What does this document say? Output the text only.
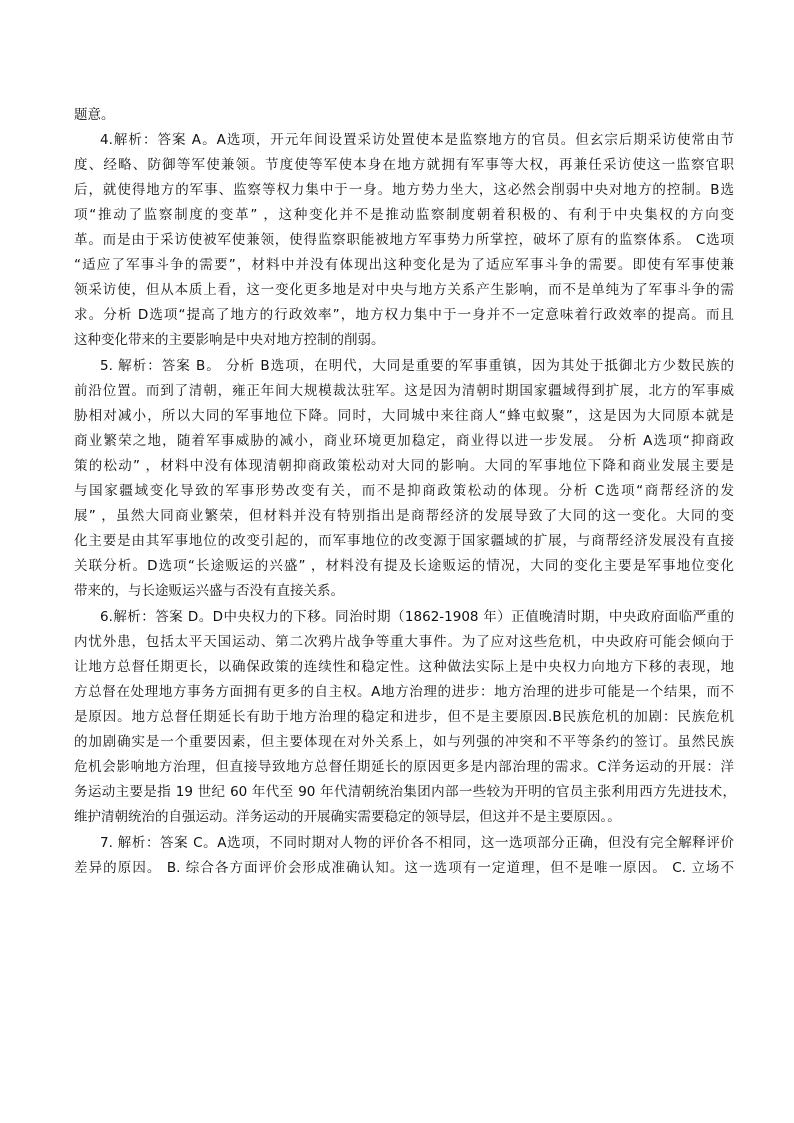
题意。
4.解析：答案 A。A选项，开元年间设置采访处置使本是监察地方的官员。但玄宗后期采访使常由节
度、经略、防御等军使兼领。节度使等军使本身在地方就拥有军事等大权，再兼任采访使这一监察官职
后，就使得地方的军事、监察等权力集中于一身。地方势力坐大，这必然会削弱中央对地方的控制。B选
项“推动了监察制度的变革” ，这种变化并不是推动监察制度朝着积极的、有利于中央集权的方向变
革。而是由于采访使被军使兼领，使得监察职能被地方军事势力所掌控，破坏了原有的监察体系。 C选项
“适应了军事斗争的需要”，材料中并没有体现出这种变化是为了适应军事斗争的需要。即使有军事使兼
领采访使，但从本质上看，这一变化更多地是对中央与地方关系产生影响，而不是单纯为了军事斗争的需
求。分析 D选项“提高了地方的行政效率”，地方权力集中于一身并不一定意味着行政效率的提高。而且
这种变化带来的主要影响是中央对地方控制的削弱。
5. 解析：答案 B。 分析 B选项，在明代，大同是重要的军事重镇，因为其处于抵御北方少数民族的
前沿位置。而到了清朝，雍正年间大规模裁汰驻军。这是因为清朝时期国家疆域得到扩展，北方的军事威
胁相对减小，所以大同的军事地位下降。同时，大同城中来往商人“蜂屯蚁聚”，这是因为大同原本就是
商业繁荣之地，随着军事威胁的减小，商业环境更加稳定，商业得以进一步发展。 分析 A选项“抑商政
策的松动” ，材料中没有体现清朝抑商政策松动对大同的影响。大同的军事地位下降和商业发展主要是
与国家疆域变化导致的军事形势改变有关，而不是抑商政策松动的体现。分析 C选项“商帮经济的发
展” ，虽然大同商业繁荣，但材料并没有特别指出是商帮经济的发展导致了大同的这一变化。大同的变
化主要是由其军事地位的改变引起的，而军事地位的改变源于国家疆域的扩展，与商帮经济发展没有直接
关联分析。D选项“长途贩运的兴盛” ，材料没有提及长途贩运的情况，大同的变化主要是军事地位变化
带来的，与长途贩运兴盛与否没有直接关系。
6.解析：答案 D。D中央权力的下移。同治时期（1862-1908 年）正值晚清时期，中央政府面临严重的
内忧外患，包括太平天国运动、第二次鸦片战争等重大事件。为了应对这些危机，中央政府可能会倾向于
让地方总督任期更长，以确保政策的连续性和稳定性。这种做法实际上是中央权力向地方下移的表现，地
方总督在处理地方事务方面拥有更多的自主权。A地方治理的进步：地方治理的进步可能是一个结果，而不
是原因。地方总督任期延长有助于地方治理的稳定和进步，但不是主要原因.B民族危机的加剧：民族危机
的加剧确实是一个重要因素，但主要体现在对外关系上，如与列强的冲突和不平等条约的签订。虽然民族
危机会影响地方治理，但直接导致地方总督任期延长的原因更多是内部治理的需求。C洋务运动的开展：洋
务运动主要是指 19 世纪 60 年代至 90 年代清朝统治集团内部一些较为开明的官员主张利用西方先进技术，
维护清朝统治的自强运动。洋务运动的开展确实需要稳定的领导层，但这并不是主要原因。。
7. 解析：答案 C。A选项，不同时期对人物的评价各不相同，这一选项部分正确，但没有完全解释评价
差异的原因。 B. 综合各方面评价会形成准确认知。这一选项有一定道理，但不是唯一原因。 C. 立场不
